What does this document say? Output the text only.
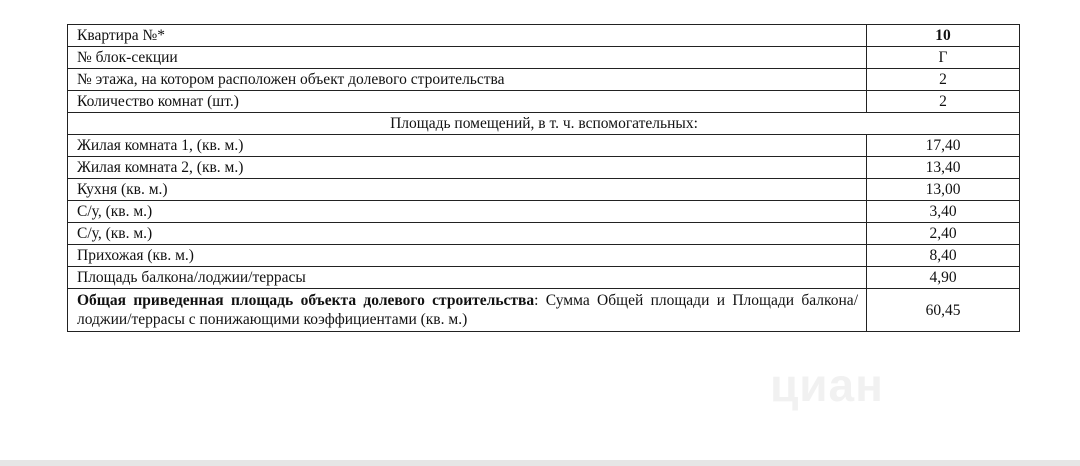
Квартира №*	10
№ блок-секции	Г
№ этажа, на котором расположен объект долевого строительства	2
Количество комнат (шт.)	2
Площадь помещений, в т. ч. вспомогательных:	
Жилая комната 1, (кв. м.)	17,40
Жилая комната 2, (кв. м.)	13,40
Кухня (кв. м.)	13,00
С/у, (кв. м.)	3,40
С/у, (кв. м.)	2,40
Прихожая (кв. м.)	8,40
Площадь балкона/лоджии/террасы	4,90
Общая приведенная площадь объекта долевого строительства: Сумма Общей площади и Площади балкона/лоджии/террасы с понижающими коэффициентами (кв. м.)	60,45
циан
